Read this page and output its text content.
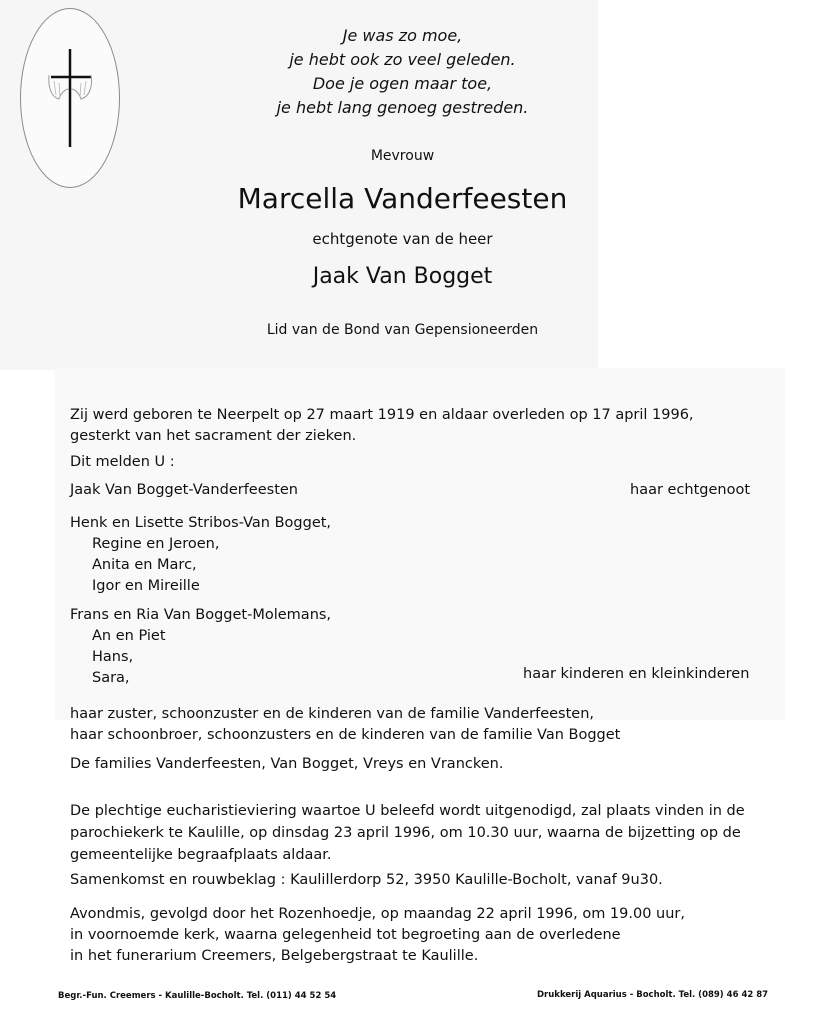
Je was zo moe,
je hebt ook zo veel geleden.
Doe je ogen maar toe,
je hebt lang genoeg gestreden.
Mevrouw
Marcella Vanderfeesten
echtgenote van de heer
Jaak Van Bogget
Lid van de Bond van Gepensioneerden
Zij werd geboren te Neerpelt op 27 maart 1919 en aldaar overleden op 17 april 1996,
gesterkt van het sacrament der zieken.
Dit melden U :
Jaak Van Bogget-Vanderfeesten	haar echtgenoot
Henk en Lisette Stribos-Van Bogget,
Regine en Jeroen,
Anita en Marc,
Igor en Mireille
Frans en Ria Van Bogget-Molemans,
An en Piet
Hans,
Sara,	haar kinderen en kleinkinderen
haar zuster, schoonzuster en de kinderen van de familie Vanderfeesten,
haar schoonbroer, schoonzusters en de kinderen van de familie Van Bogget
De families Vanderfeesten, Van Bogget, Vreys en Vrancken.
De plechtige eucharistieviering waartoe U beleefd wordt uitgenodigd, zal plaats vinden in de
parochiekerk te Kaulille, op dinsdag 23 april 1996, om 10.30 uur, waarna de bijzetting op de
gemeentelijke begraafplaats aldaar.
Samenkomst en rouwbeklag : Kaulillerdorp 52, 3950 Kaulille-Bocholt, vanaf 9u30.
Avondmis, gevolgd door het Rozenhoedje, op maandag 22 april 1996, om 19.00 uur,
in voornoemde kerk, waarna gelegenheid tot begroeting aan de overledene
in het funerarium Creemers, Belgebergstraat te Kaulille.
Begr.-Fun. Creemers - Kaulille-Bocholt. Tel. (011) 44 52 54	Drukkerij Aquarius - Bocholt. Tel. (089) 46 42 87
